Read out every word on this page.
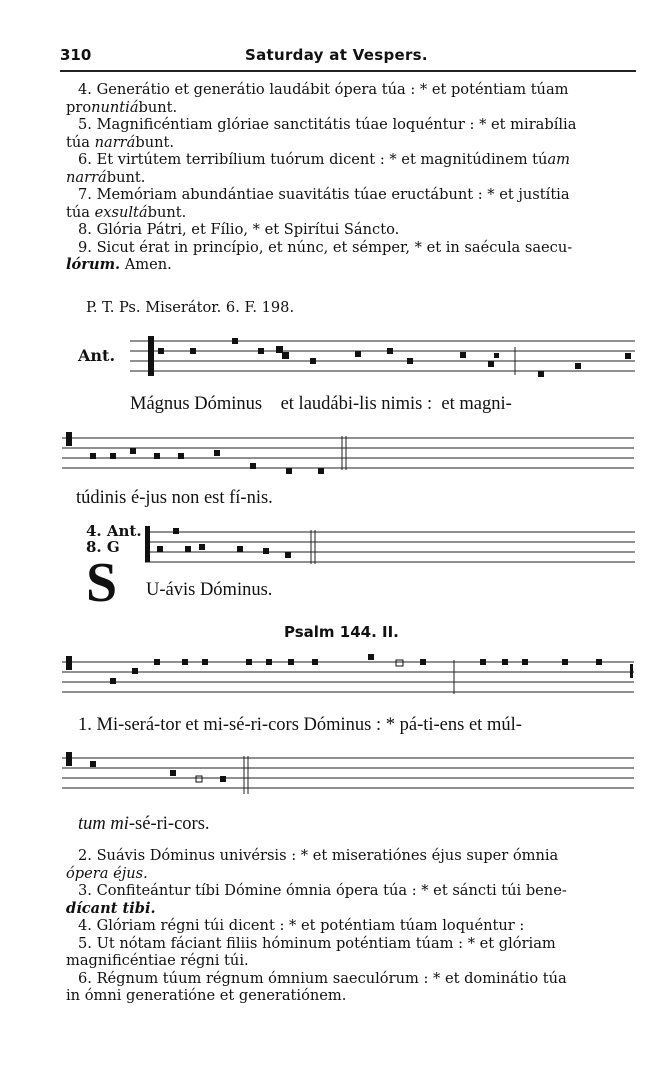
310	Saturday at Vespers.

4. Generátio et generátio laudábit ópera túa : * et poténtiam túam
pronuntiábunt.

5. Magnificéntiam glóriae sanctitátis túae loquéntur : * et mirabília
túa narrábunt.

6. Et virtútem terribílium tuórum dicent : * et magnitúdinem túam
narrábunt.

7. Memóriam abundántiae suavitátis túae eructábunt : * et justítia
túa exsultábunt.

8. Glória Pátri, et Fílio, * et Spirítui Sáncto.

9. Sicut érat in princípio, et núnc, et sémper, * et in saécula saecu-
lórum. Amen.

P. T. Ps. Miserátor. 6. F. 198.
Ant.
Mágnus Dóminus    et laudábi-lis nimis :  et magni-
túdinis é-jus non est fí-nis.
4. Ant.
8. G
S U-ávis Dóminus.
Psalm 144. II.
1. Mi-será-tor et mi-sé-ri-cors Dóminus : * pá-ti-ens et múl-
tum mi-sé-ri-cors.

2. Suávis Dóminus univérsis : * et miseratiónes éjus super ómnia

ópera éjus.

3. Confiteántur tíbi Dómine ómnia ópera túa : * et sáncti túi bene-

dícant tibi.

4. Glóriam régni túi dicent : * et poténtiam túam loquéntur :

5. Ut nótam fáciant filiis hóminum poténtiam túam : * et glóriam

magnificéntiae régni túi.

6. Régnum túum régnum ómnium saeculórum : * et dominátio túa

in ómni generatióne et generatiónem.
